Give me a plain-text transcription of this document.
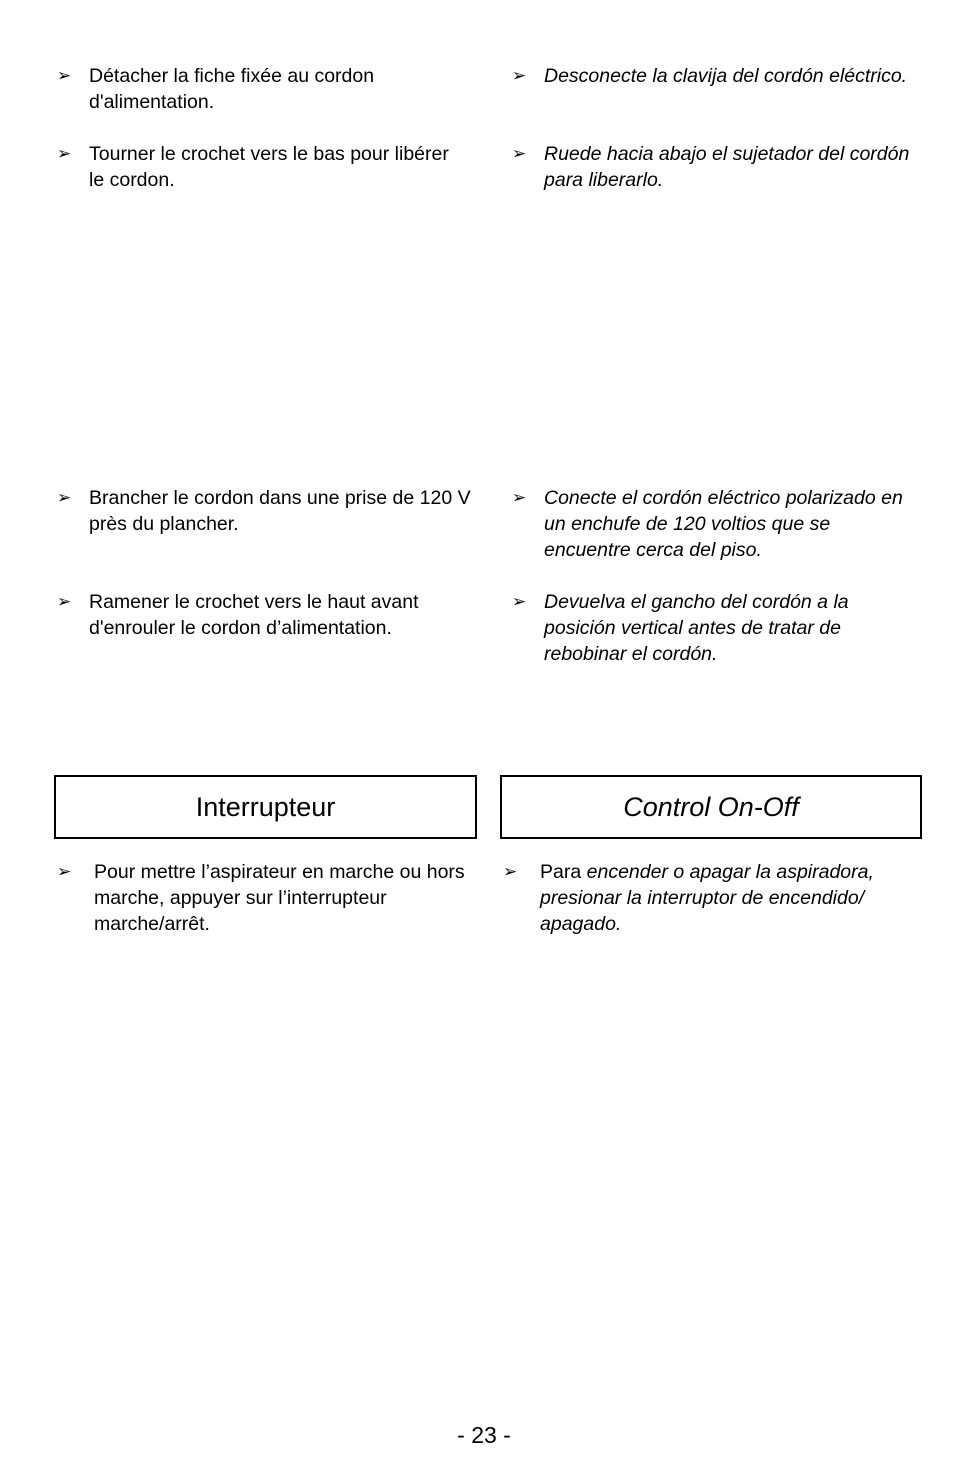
➢ Détacher la fiche fixée au cordon d'alimentation.
➢ Tourner le crochet vers le bas pour libérer le cordon.
➢ Desconecte la clavija del cordón eléctrico.
➢ Ruede hacia abajo el sujetador del cordón para liberarlo.
➢ Brancher le cordon dans une prise de 120 V près du plancher.
➢ Ramener le crochet vers le haut avant d'enrouler le cordon d’alimentation.
➢ Conecte el cordón eléctrico polarizado en un enchufe de 120 voltios que se encuentre cerca del piso.
➢ Devuelva el gancho del cordón a la posición vertical antes de tratar de rebobinar el cordón.
Interrupteur	Control On-Off
➢ Pour mettre l’aspirateur en marche ou hors marche, appuyer sur l’interrupteur marche/arrêt.
➢ Para encender o apagar la aspiradora, presionar la interruptor de encendido/ apagado.
- 23 -
